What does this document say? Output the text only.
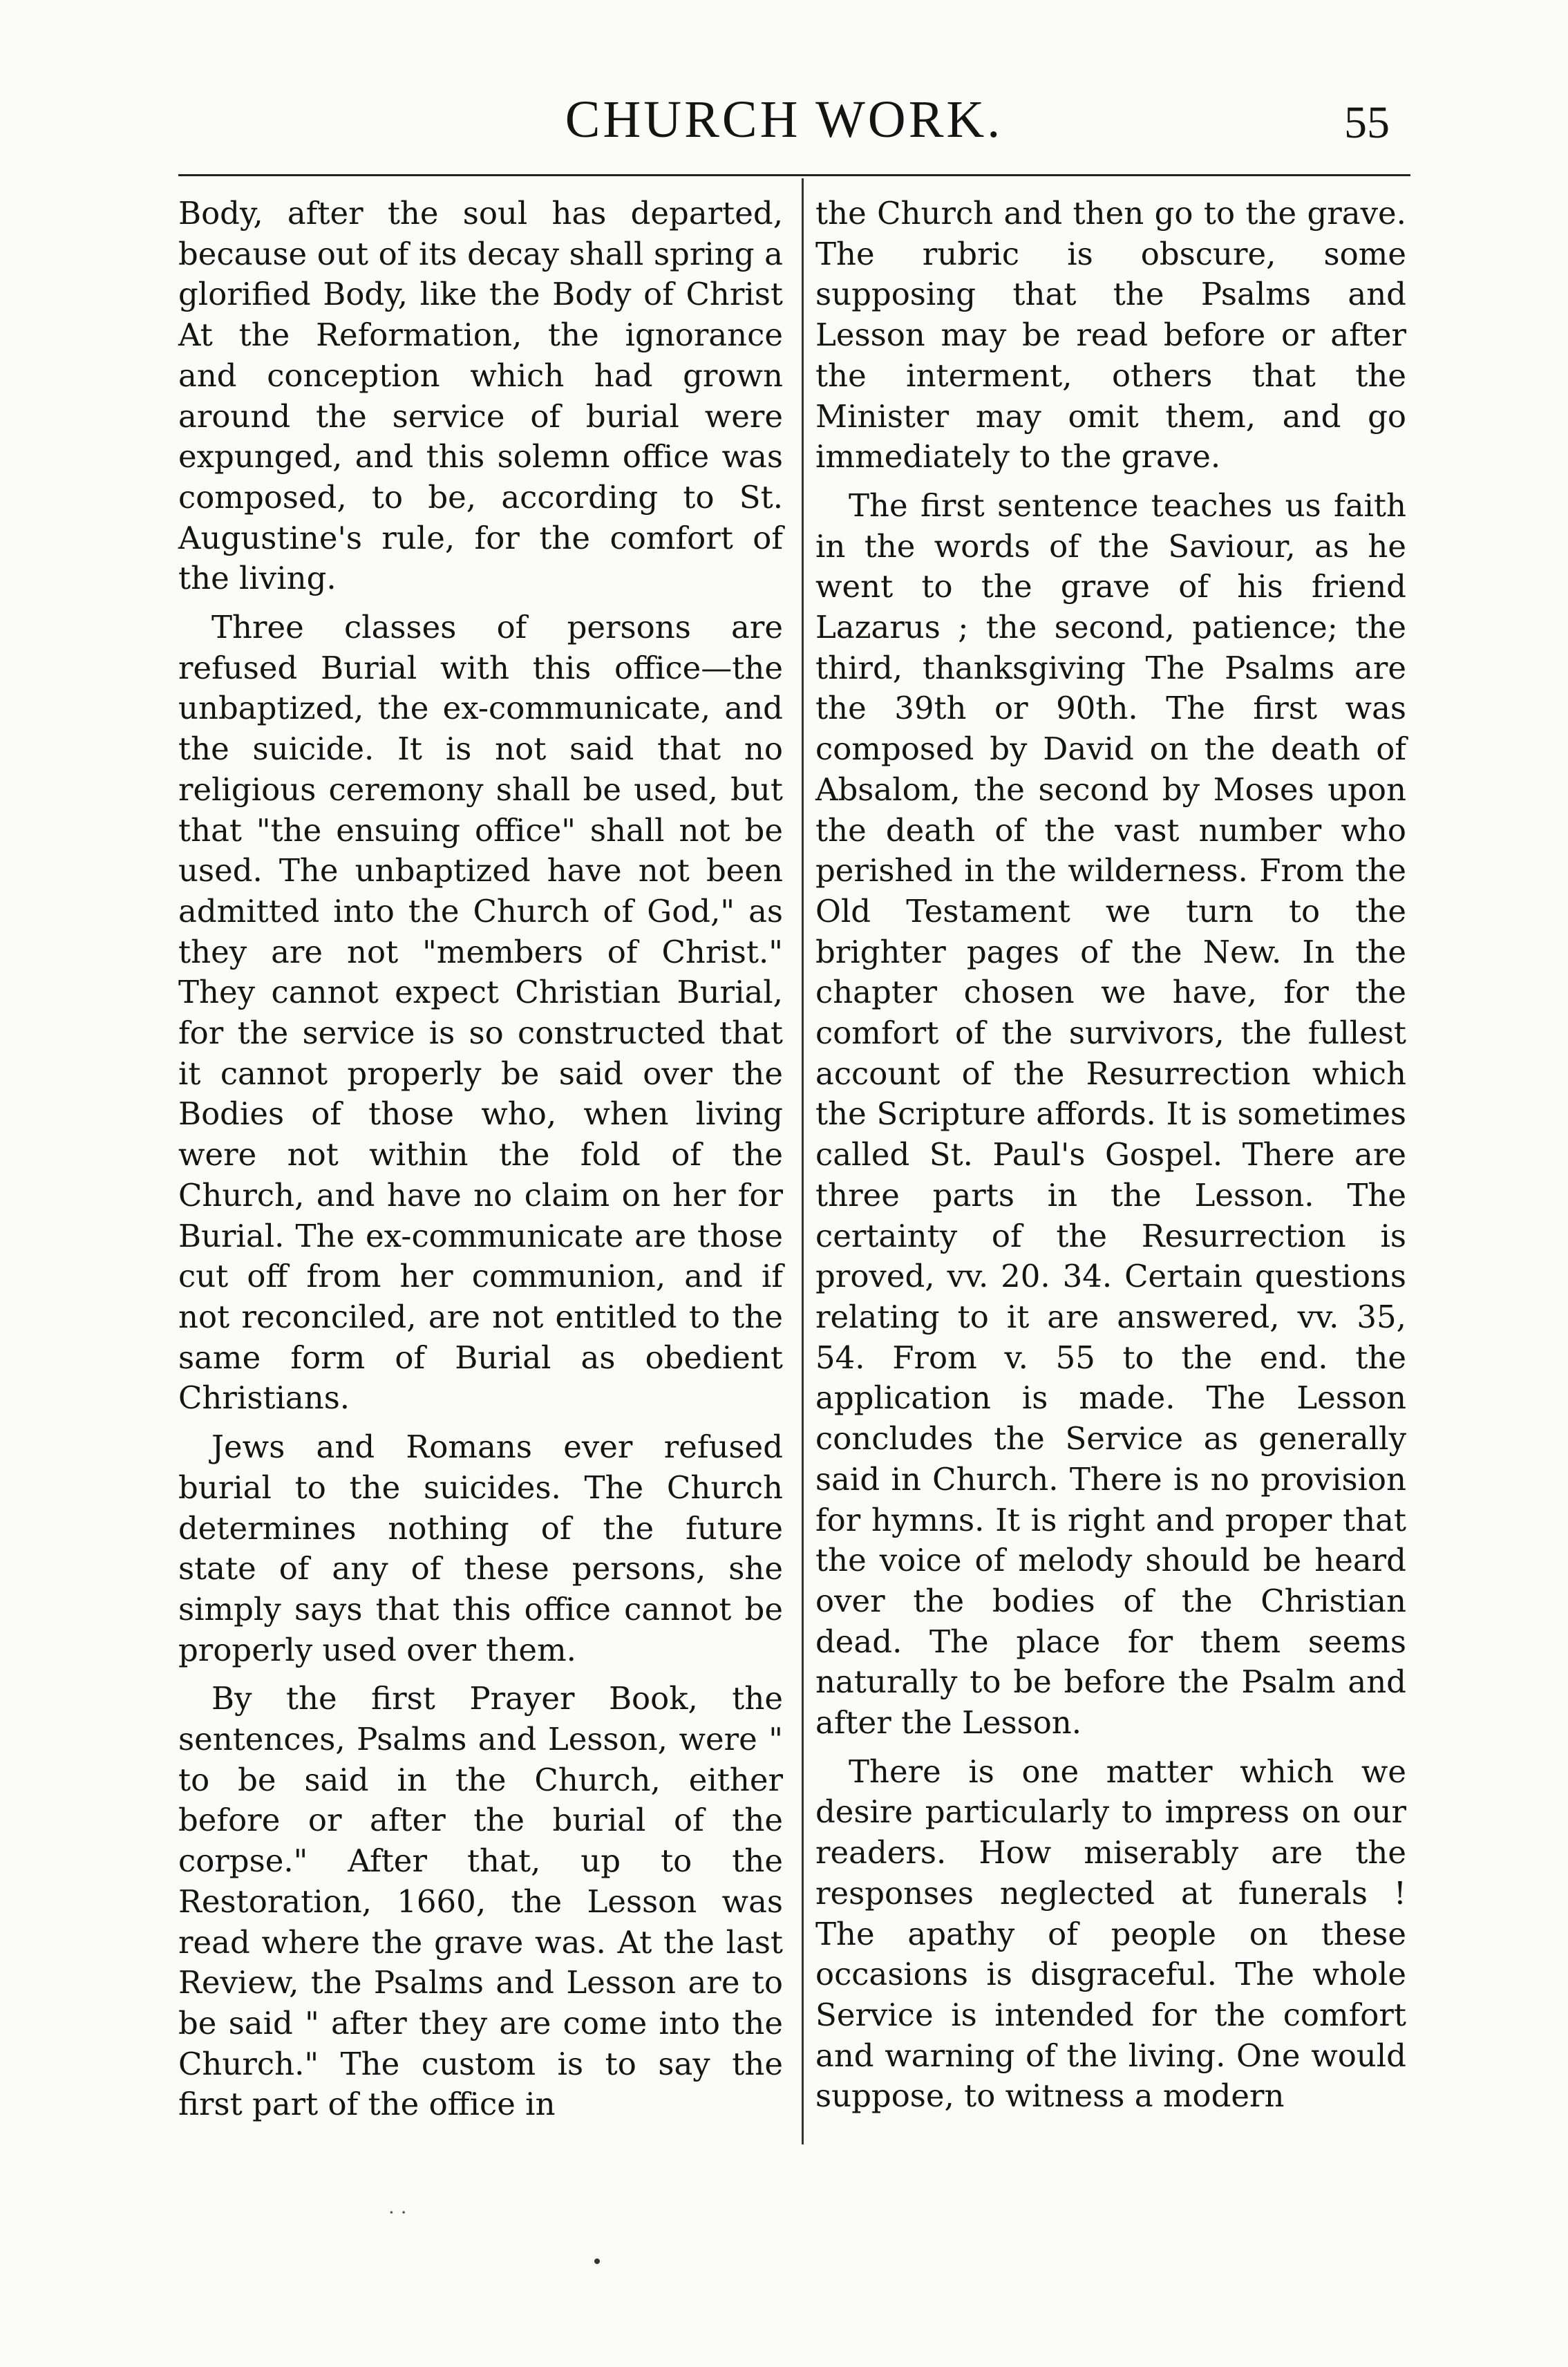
CHURCH WORK.	55

Body, after the soul has departed, because out of its decay shall spring a glorified Body, like the Body of Christ At the Reformation, the ignorance and conception which had grown around the service of burial were expunged, and this solemn office was composed, to be, according to St. Augustine's rule, for the comfort of the living.

Three classes of persons are refused Burial with this office—the unbaptized, the ex-communicate, and the suicide. It is not said that no religious ceremony shall be used, but that "the ensuing office" shall not be used. The unbaptized have not been admitted into the Church of God," as they are not "members of Christ." They cannot expect Christian Burial, for the service is so constructed that it cannot properly be said over the Bodies of those who, when living were not within the fold of the Church, and have no claim on her for Burial. The ex-communicate are those cut off from her communion, and if not reconciled, are not entitled to the same form of Burial as obedient Christians.

Jews and Romans ever refused burial to the suicides. The Church determines nothing of the future state of any of these persons, she simply says that this office cannot be properly used over them.

By the first Prayer Book, the sentences, Psalms and Lesson, were " to be said in the Church, either before or after the burial of the corpse." After that, up to the Restoration, 1660, the Lesson was read where the grave was. At the last Review, the Psalms and Lesson are to be said " after they are come into the Church." The custom is to say the first part of the office in

the Church and then go to the grave. The rubric is obscure, some supposing that the Psalms and Lesson may be read before or after the interment, others that the Minister may omit them, and go immediately to the grave.

The first sentence teaches us faith in the words of the Saviour, as he went to the grave of his friend Lazarus ; the second, patience; the third, thanksgiving The Psalms are the 39th or 90th. The first was composed by David on the death of Absalom, the second by Moses upon the death of the vast number who perished in the wilderness. From the Old Testament we turn to the brighter pages of the New. In the chapter chosen we have, for the comfort of the survivors, the fullest account of the Resurrection which the Scripture affords. It is sometimes called St. Paul's Gospel. There are three parts in the Lesson. The certainty of the Resurrection is proved, vv. 20. 34. Certain questions relating to it are answered, vv. 35, 54. From v. 55 to the end. the application is made. The Lesson concludes the Service as generally said in Church. There is no provision for hymns. It is right and proper that the voice of melody should be heard over the bodies of the Christian dead. The place for them seems naturally to be before the Psalm and after the Lesson.

There is one matter which we desire particularly to impress on our readers. How miserably are the responses neglected at funerals ! The apathy of people on these occasions is disgraceful. The whole Service is intended for the comfort and warning of the living. One would suppose, to witness a modern

· ·
